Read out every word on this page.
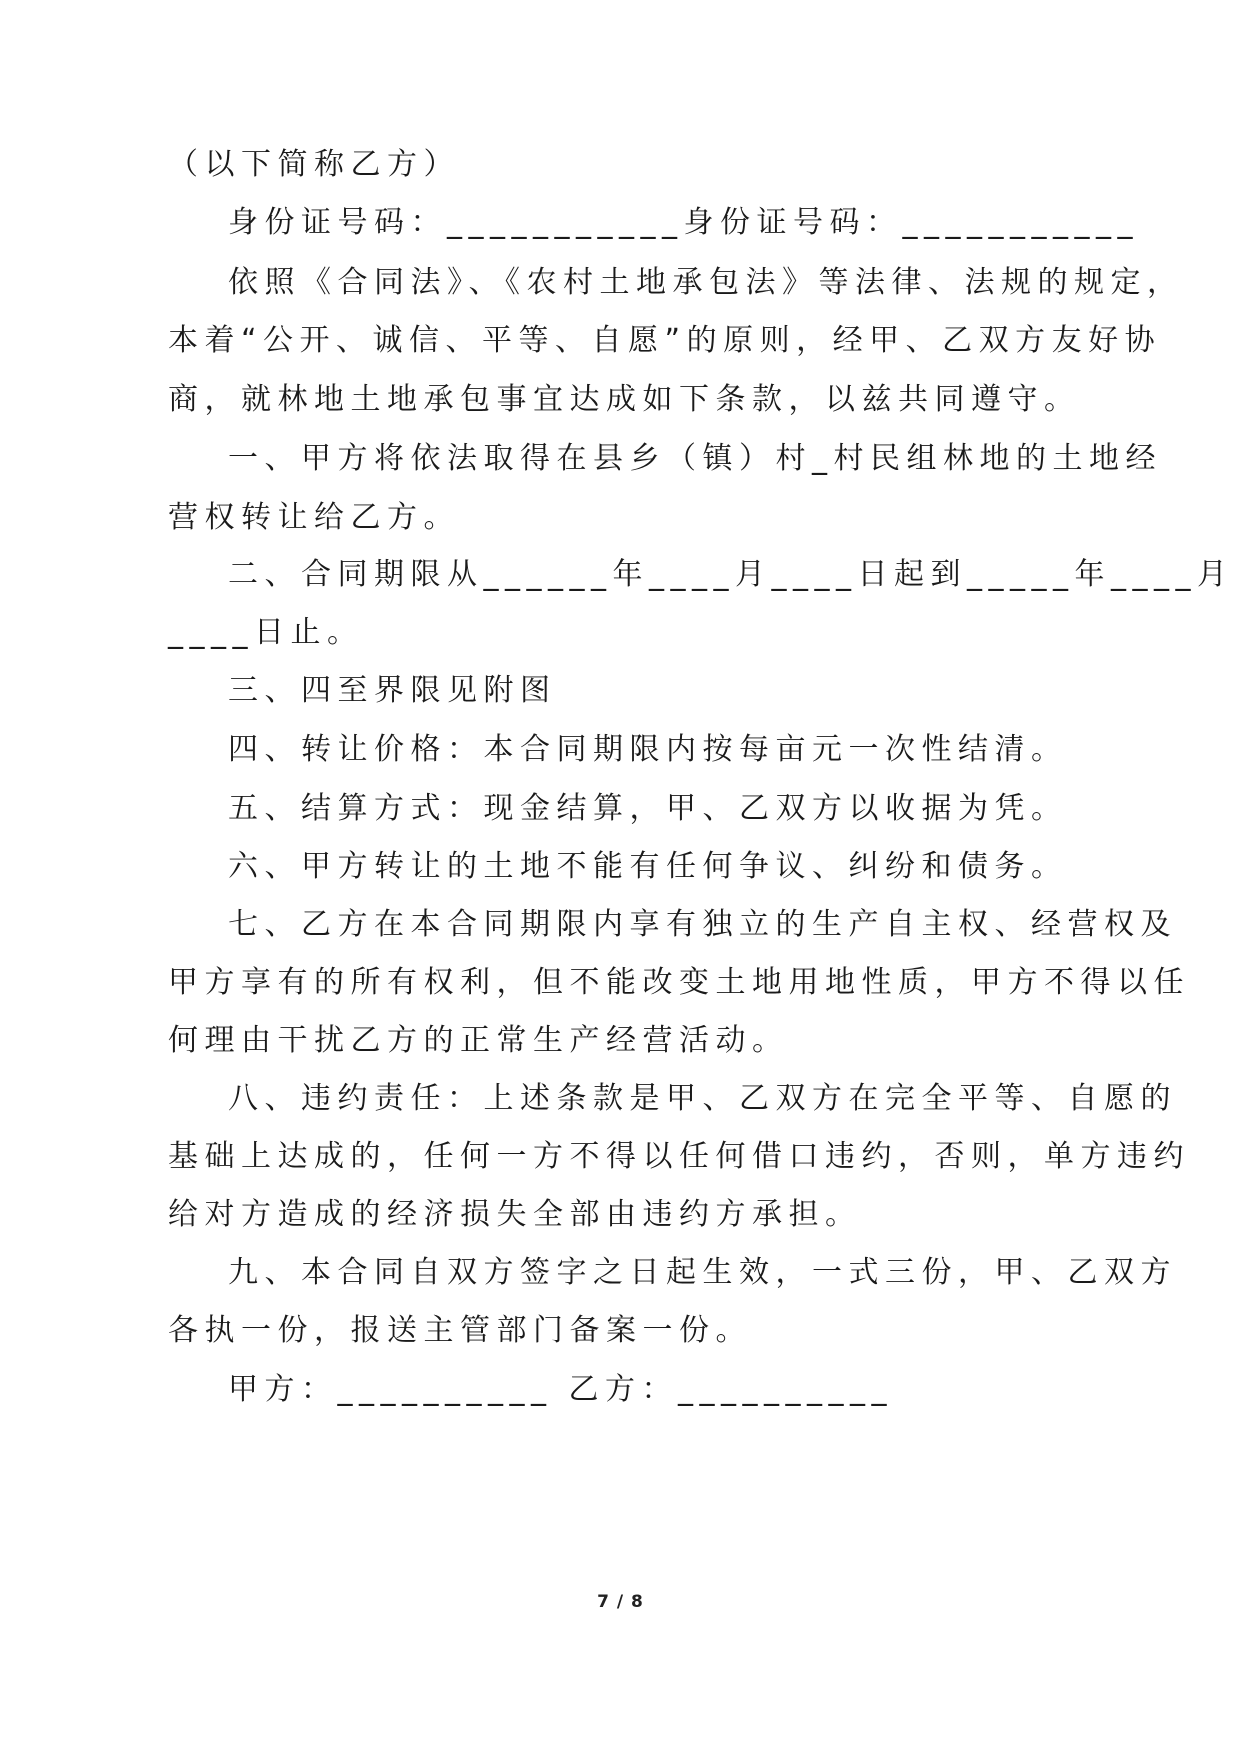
（以下简称乙方）
身份证号码：___________身份证号码：___________
依照《合同法》、《农村土地承包法》等法律、法规的规定，
本着“公开、诚信、平等、自愿”的原则，经甲、乙双方友好协
商，就林地土地承包事宜达成如下条款，以兹共同遵守。
一、甲方将依法取得在县乡（镇）村_村民组林地的土地经
营权转让给乙方。
二、合同期限从______年____月____日起到_____年____月
____日止。
三、四至界限见附图
四、转让价格：本合同期限内按每亩元一次性结清。
五、结算方式：现金结算，甲、乙双方以收据为凭。
六、甲方转让的土地不能有任何争议、纠纷和债务。
七、乙方在本合同期限内享有独立的生产自主权、经营权及
甲方享有的所有权利，但不能改变土地用地性质，甲方不得以任
何理由干扰乙方的正常生产经营活动。
八、违约责任：上述条款是甲、乙双方在完全平等、自愿的
基础上达成的，任何一方不得以任何借口违约，否则，单方违约
给对方造成的经济损失全部由违约方承担。
九、本合同自双方签字之日起生效，一式三份，甲、乙双方
各执一份，报送主管部门备案一份。
甲方：__________ 乙方：__________
7 / 8
